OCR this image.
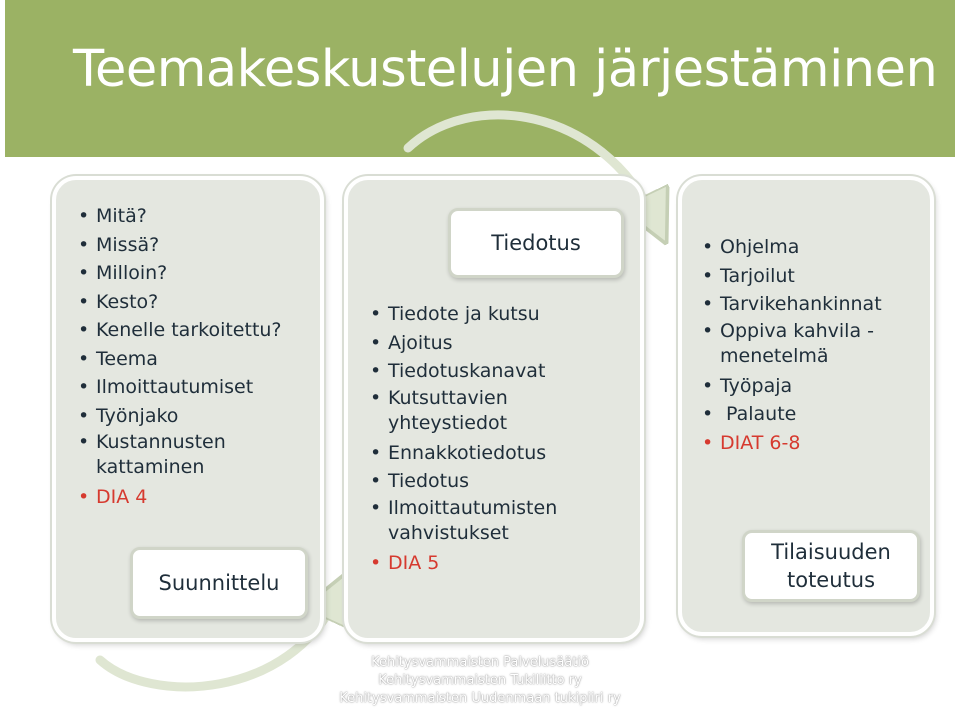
Teemakeskustelujen järjestäminen
• Mitä?
• Missä?
• Milloin?
• Kesto?
• Kenelle tarkoitettu?
• Teema
• Ilmoittautumiset
• Työnjako
• Kustannusten kattaminen
• DIA 4
Suunnittelu
Tiedotus
• Tiedote ja kutsu
• Ajoitus
• Tiedotuskanavat
• Kutsuttavien yhteystiedot
• Ennakkotiedotus
• Tiedotus
• Ilmoittautumisten vahvistukset
• DIA 5
• Ohjelma
• Tarjoilut
• Tarvikehankinnat
• Oppiva kahvila - menetelmä
• Työpaja
• Palaute
• DIAT 6-8
Tilaisuuden toteutus
Kehitysvammaisten Palvelusäätiö
Kehitysvammaisten Tukiliitto ry
Kehitysvammaisten Uudenmaan tukipiiri ry
